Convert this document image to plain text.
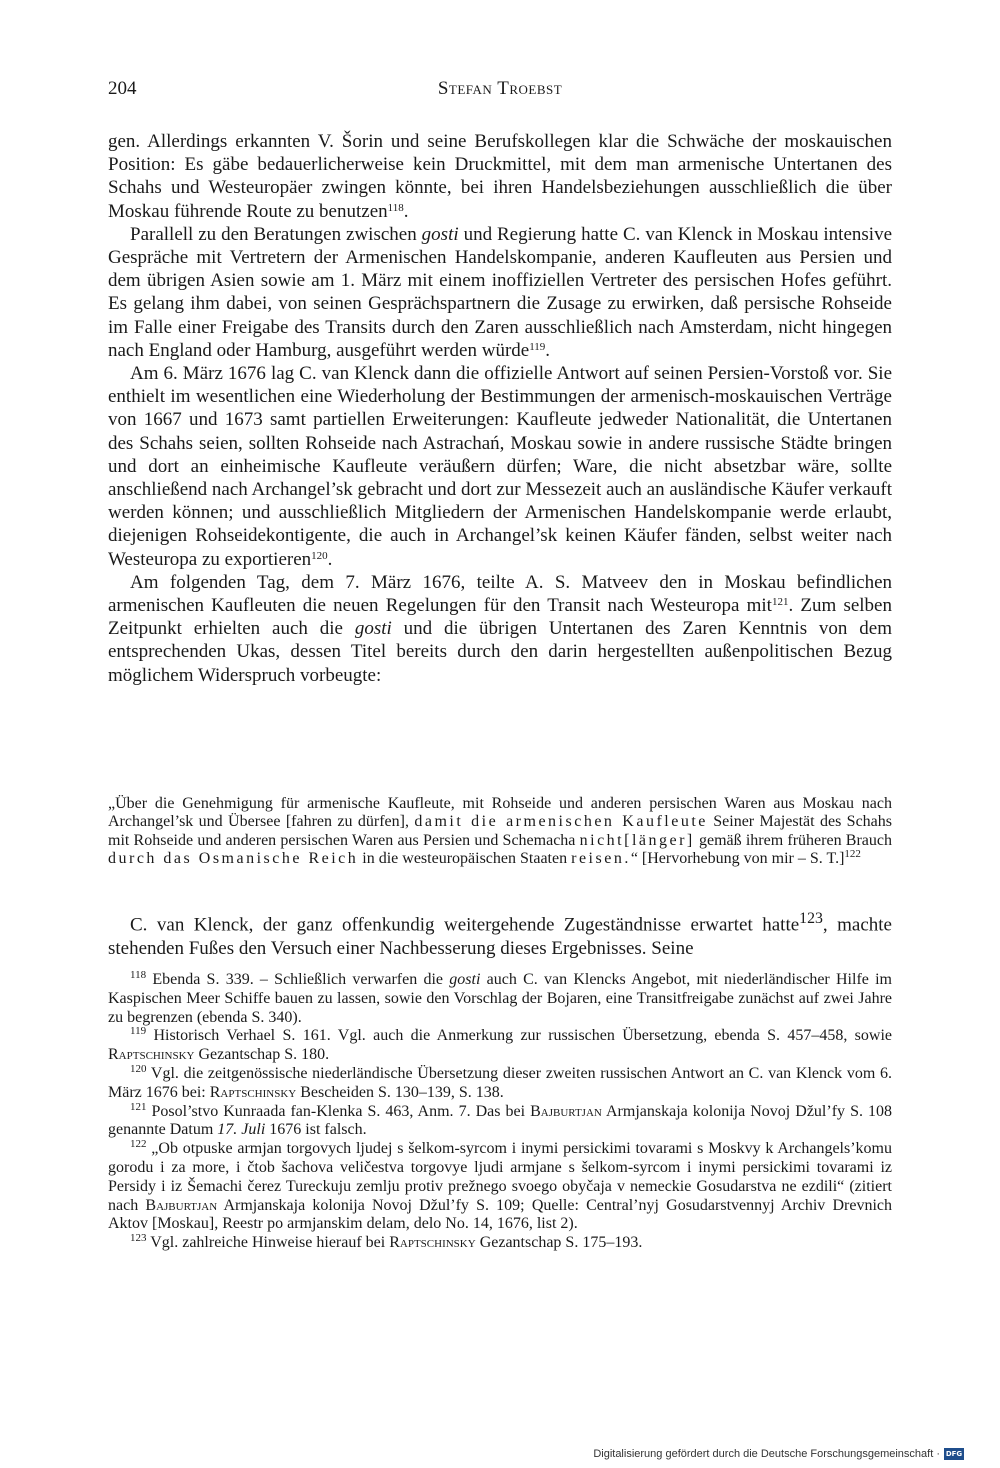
204	Stefan Troebst

gen. Allerdings erkannten V. Šorin und seine Berufskollegen klar die Schwäche der moskauischen Position: Es gäbe bedauerlicherweise kein Druckmittel, mit dem man armenische Untertanen des Schahs und Westeuropäer zwingen könnte, bei ihren Handelsbeziehungen ausschließlich die über Moskau führende Route zu benutzen$^{118}$.

Parallell zu den Beratungen zwischen gosti und Regierung hatte C. van Klenck in Moskau intensive Gespräche mit Vertretern der Armenischen Handelskompanie, anderen Kaufleuten aus Persien und dem übrigen Asien sowie am 1. März mit einem inoffiziellen Vertreter des persischen Hofes geführt. Es gelang ihm dabei, von seinen Gesprächspartnern die Zusage zu erwirken, daß persische Rohseide im Falle einer Freigabe des Transits durch den Zaren ausschließlich nach Amsterdam, nicht hingegen nach England oder Hamburg, ausgeführt werden würde$^{119}$.

Am 6. März 1676 lag C. van Klenck dann die offizielle Antwort auf seinen Persien-Vorstoß vor. Sie enthielt im wesentlichen eine Wiederholung der Bestimmungen der armenisch-moskauischen Verträge von 1667 und 1673 samt partiellen Erweiterungen: Kaufleute jedweder Nationalität, die Untertanen des Schahs seien, sollten Rohseide nach Astrachań, Moskau sowie in andere russische Städte bringen und dort an einheimische Kaufleute veräußern dürfen; Ware, die nicht absetzbar wäre, sollte anschließend nach Archangel’sk gebracht und dort zur Messezeit auch an ausländische Käufer verkauft werden können; und ausschließlich Mitgliedern der Armenischen Handelskompanie werde erlaubt, diejenigen Rohseidekontigente, die auch in Archangel’sk keinen Käufer fänden, selbst weiter nach Westeuropa zu exportieren$^{120}$.

Am folgenden Tag, dem 7. März 1676, teilte A. S. Matveev den in Moskau befindlichen armenischen Kaufleuten die neuen Regelungen für den Transit nach Westeuropa mit$^{121}$. Zum selben Zeitpunkt erhielten auch die gosti und die übrigen Untertanen des Zaren Kenntnis von dem entsprechenden Ukas, dessen Titel bereits durch den darin hergestellten außenpolitischen Bezug möglichem Widerspruch vorbeugte:

„Über die Genehmigung für armenische Kaufleute, mit Rohseide und anderen persischen Waren aus Moskau nach Archangel’sk und Übersee [fahren zu dürfen], damit die armenischen Kaufleute Seiner Majestät des Schahs mit Rohseide und anderen persischen Waren aus Persien und Schemacha nicht[länger] gemäß ihrem früheren Brauch durch das Osmanische Reich in die westeuropäischen Staaten reisen.“ [Hervorhebung von mir – S. T.]$^{122}$

C. van Klenck, der ganz offenkundig weitergehende Zugeständnisse erwartet hatte$^{123}$, machte stehenden Fußes den Versuch einer Nachbesserung dieses Ergebnisses. Seine

$^{118}$ Ebenda S. 339. – Schließlich verwarfen die gosti auch C. van Klencks Angebot, mit niederländischer Hilfe im Kaspischen Meer Schiffe bauen zu lassen, sowie den Vorschlag der Bojaren, eine Transitfreigabe zunächst auf zwei Jahre zu begrenzen (ebenda S. 340).

$^{119}$ Historisch Verhael S. 161. Vgl. auch die Anmerkung zur russischen Übersetzung, ebenda S. 457–458, sowie Raptschinsky Gezantschap S. 180.

$^{120}$ Vgl. die zeitgenössische niederländische Übersetzung dieser zweiten russischen Antwort an C. van Klenck vom 6. März 1676 bei: Raptschinsky Bescheiden S. 130–139, S. 138.

$^{121}$ Posol’stvo Kunraada fan-Klenka S. 463, Anm. 7. Das bei Bajburtjan Armjanskaja kolonija Novoj Džul’fy S. 108 genannte Datum 17. Juli 1676 ist falsch.

$^{122}$ „Ob otpuske armjan torgovych ljudej s šelkom-syrcom i inymi persickimi tovarami s Moskvy k Archangels’komu gorodu i za more, i čtob šachova veličestva torgovye ljudi armjane s šelkom-syrcom i inymi persickimi tovarami iz Persidy i iz Šemachi čerez Tureckuju zemlju protiv prežnego svoego obyčaja v nemeckie Gosudarstva ne ezdili“ (zitiert nach Bajburtjan Armjanskaja kolonija Novoj Džul’fy S. 109; Quelle: Central’nyj Gosudarstvennyj Archiv Drevnich Aktov [Moskau], Reestr po armjanskim delam, delo No. 14, 1676, list 2).

$^{123}$ Vgl. zahlreiche Hinweise hierauf bei Raptschinsky Gezantschap S. 175–193.

Digitalisierung gefördert durch die Deutsche Forschungsgemeinschaft · DFG
